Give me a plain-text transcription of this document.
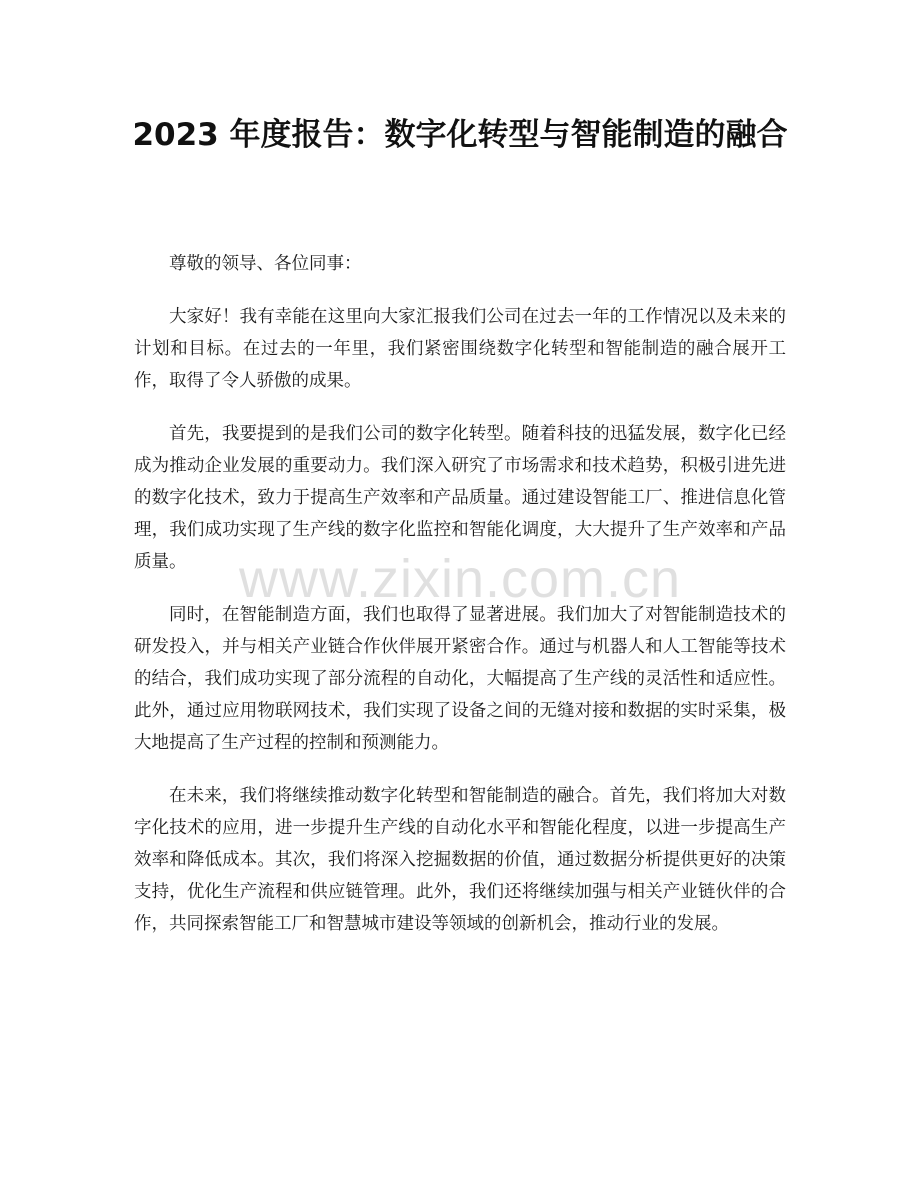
2023 年度报告：数字化转型与智能制造的融合

尊敬的领导、各位同事：

大家好！我有幸能在这里向大家汇报我们公司在过去一年的工作情况以及未来的计划和目标。在过去的一年里，我们紧密围绕数字化转型和智能制造的融合展开工作，取得了令人骄傲的成果。

首先，我要提到的是我们公司的数字化转型。随着科技的迅猛发展，数字化已经成为推动企业发展的重要动力。我们深入研究了市场需求和技术趋势，积极引进先进的数字化技术，致力于提高生产效率和产品质量。通过建设智能工厂、推进信息化管理，我们成功实现了生产线的数字化监控和智能化调度，大大提升了生产效率和产品质量。

同时，在智能制造方面，我们也取得了显著进展。我们加大了对智能制造技术的研发投入，并与相关产业链合作伙伴展开紧密合作。通过与机器人和人工智能等技术的结合，我们成功实现了部分流程的自动化，大幅提高了生产线的灵活性和适应性。此外，通过应用物联网技术，我们实现了设备之间的无缝对接和数据的实时采集，极大地提高了生产过程的控制和预测能力。

在未来，我们将继续推动数字化转型和智能制造的融合。首先，我们将加大对数字化技术的应用，进一步提升生产线的自动化水平和智能化程度，以进一步提高生产效率和降低成本。其次，我们将深入挖掘数据的价值，通过数据分析提供更好的决策支持，优化生产流程和供应链管理。此外，我们还将继续加强与相关产业链伙伴的合作，共同探索智能工厂和智慧城市建设等领域的创新机会，推动行业的发展。

www.zixin.com.cn
